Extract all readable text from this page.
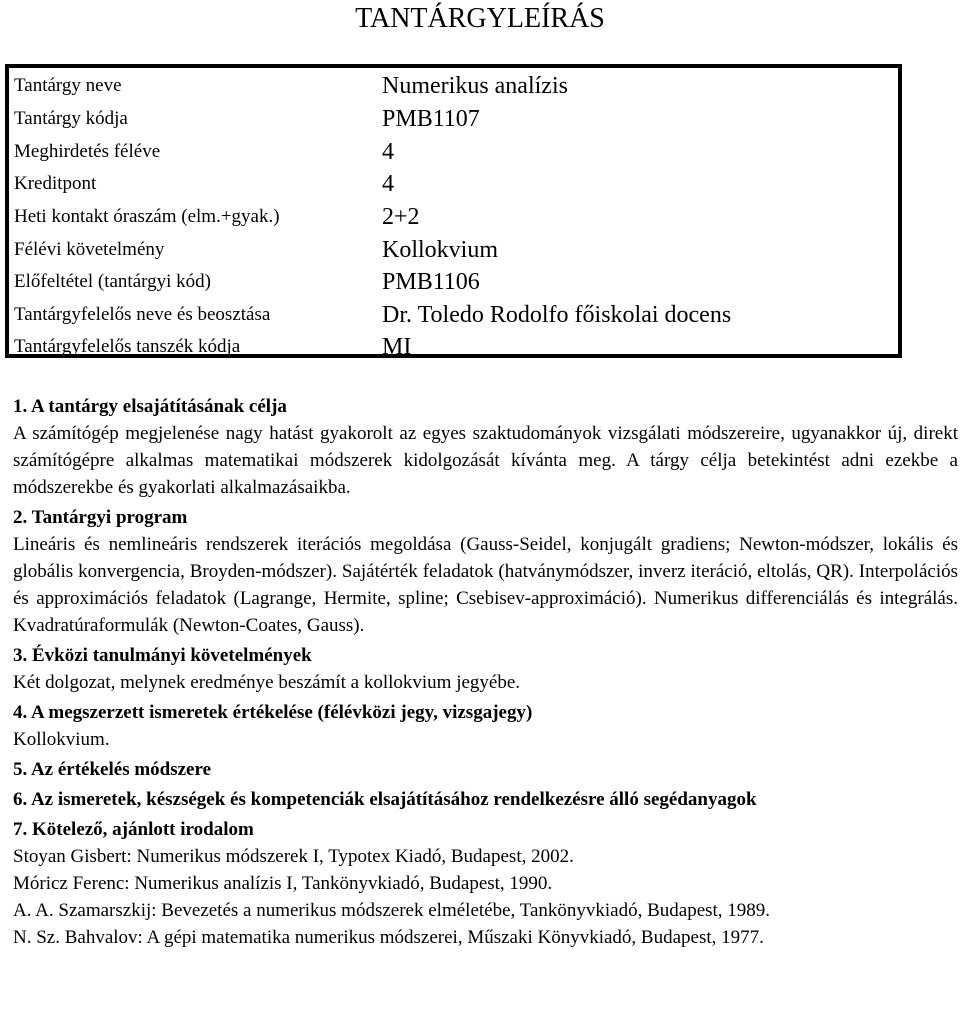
TANTÁRGYLEÍRÁS
Tantárgy neve	Numerikus analízis
Tantárgy kódja	PMB1107
Meghirdetés féléve	4
Kreditpont	4
Heti kontakt óraszám (elm.+gyak.)	2+2
Félévi követelmény	Kollokvium
Előfeltétel (tantárgyi kód)	PMB1106
Tantárgyfelelős neve és beosztása	Dr. Toledo Rodolfo főiskolai docens
Tantárgyfelelős tanszék kódja	MI

1. A tantárgy elsajátításának célja

A számítógép megjelenése nagy hatást gyakorolt az egyes szaktudományok vizsgálati módszereire, ugyanakkor új, direkt számítógépre alkalmas matematikai módszerek kidolgozását kívánta meg. A tárgy célja betekintést adni ezekbe a módszerekbe és gyakorlati alkalmazásaikba.

2. Tantárgyi program

Lineáris és nemlineáris rendszerek iterációs megoldása (Gauss-Seidel, konjugált gradiens; Newton-módszer, lokális és globális konvergencia, Broyden-módszer). Sajátérték feladatok (hatványmódszer, inverz iteráció, eltolás, QR). Interpolációs és approximációs feladatok (Lagrange, Hermite, spline; Csebisev-approximáció). Numerikus differenciálás és integrálás. Kvadratúraformulák (Newton-Coates, Gauss).

3. Évközi tanulmányi követelmények

Két dolgozat, melynek eredménye beszámít a kollokvium jegyébe.

4. A megszerzett ismeretek értékelése (félévközi jegy, vizsgajegy)

Kollokvium.

5. Az értékelés módszere

6. Az ismeretek, készségek és kompetenciák elsajátításához rendelkezésre álló segédanyagok

7. Kötelező, ajánlott irodalom

Stoyan Gisbert: Numerikus módszerek I, Typotex Kiadó, Budapest, 2002.

Móricz Ferenc: Numerikus analízis I, Tankönyvkiadó, Budapest, 1990.

A. A. Szamarszkij: Bevezetés a numerikus módszerek elméletébe, Tankönyvkiadó, Budapest, 1989.

N. Sz. Bahvalov: A gépi matematika numerikus módszerei, Műszaki Könyvkiadó, Budapest, 1977.
